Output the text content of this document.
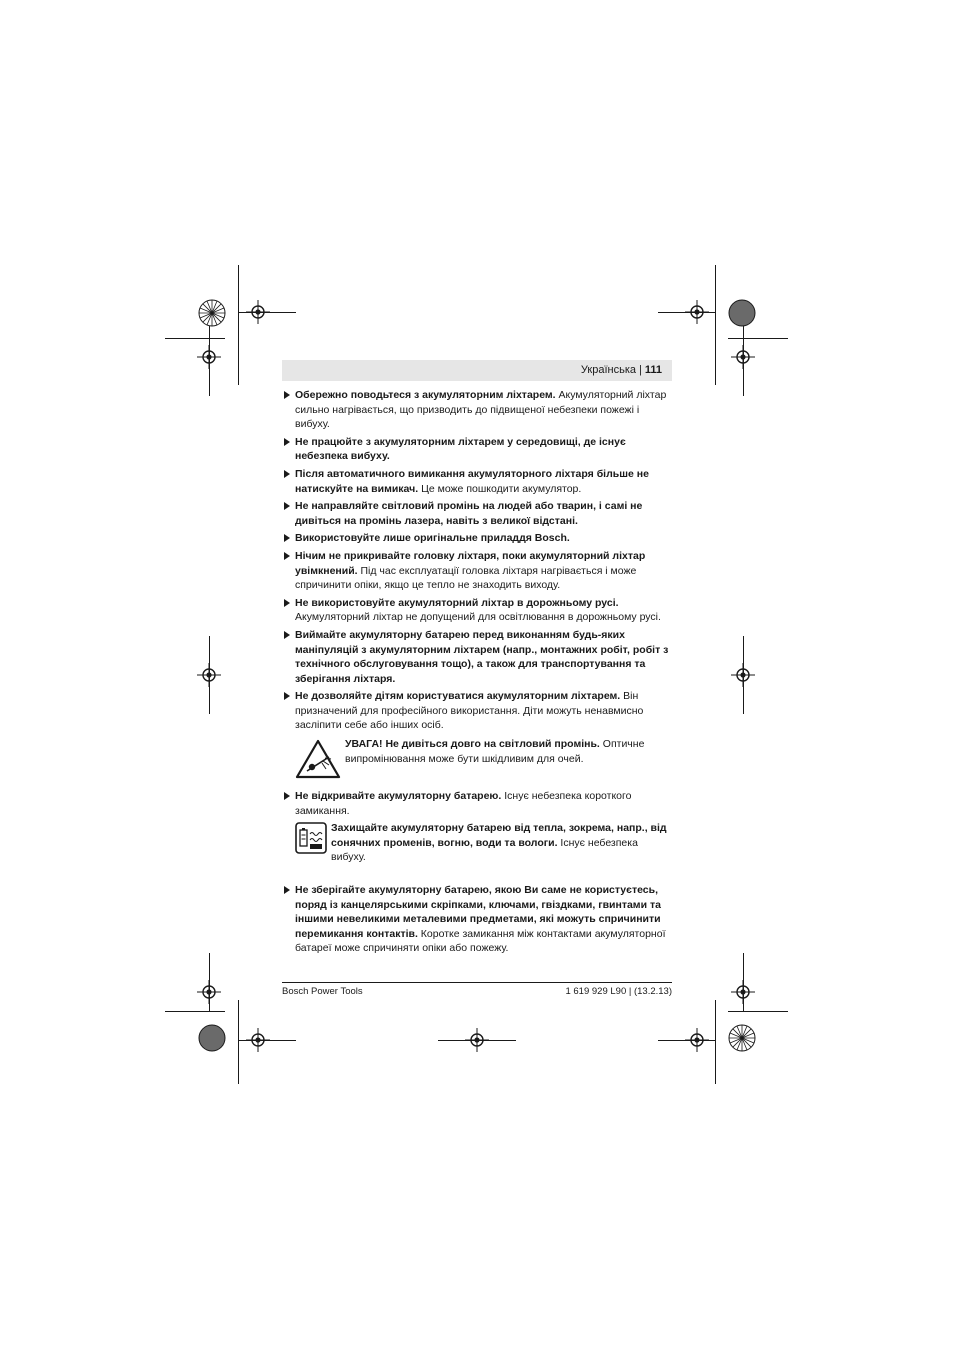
Українська | 111
Обережно поводьтеся з акумуляторним ліхтарем. Акумуляторний ліхтар сильно нагрівається, що призводить до підвищеної небезпеки пожежі і вибуху.
Не працюйте з акумуляторним ліхтарем у середовищі, де існує небезпека вибуху.
Після автоматичного вимикання акумуляторного ліхтаря більше не натискуйте на вимикач. Це може пошкодити акумулятор.
Не направляйте світловий промінь на людей або тварин, і самі не дивіться на промінь лазера, навіть з великої відстані.
Використовуйте лише оригінальне приладдя Bosch.
Нічим не прикривайте головку ліхтаря, поки акумуляторний ліхтар увімкнений. Під час експлуатації головка ліхтаря нагрівається і може спричинити опіки, якщо це тепло не знаходить виходу.
Не використовуйте акумуляторний ліхтар в дорожньому русі. Акумуляторний ліхтар не допущений для освітлювання в дорожньому русі.
Виймайте акумуляторну батарею перед виконанням будь-яких маніпуляцій з акумуляторним ліхтарем (напр., монтажних робіт, робіт з технічного обслуговування тощо), а також для транспортування та зберігання ліхтаря.
Не дозволяйте дітям користуватися акумуляторним ліхтарем. Він призначений для професійного використання. Діти можуть ненавмисно засліпити себе або інших осіб.
УВАГА! Не дивіться довго на світловий промінь. Оптичне випромінювання може бути шкідливим для очей.
Не відкривайте акумуляторну батарею. Існує небезпека короткого замикання.
Захищайте акумуляторну батарею від тепла, зокрема, напр., від сонячних променів, вогню, води та вологи. Існує небезпека вибуху.
Не зберігайте акумуляторну батарею, якою Ви саме не користуєтесь, поряд із канцелярськими скріпками, ключами, гвіздками, гвинтами та іншими невеликими металевими предметами, які можуть спричинити перемикання контактів. Коротке замикання між контактами акумуляторної батареї може спричиняти опіки або пожежу.
Bosch Power Tools	1 619 929 L90 | (13.2.13)
